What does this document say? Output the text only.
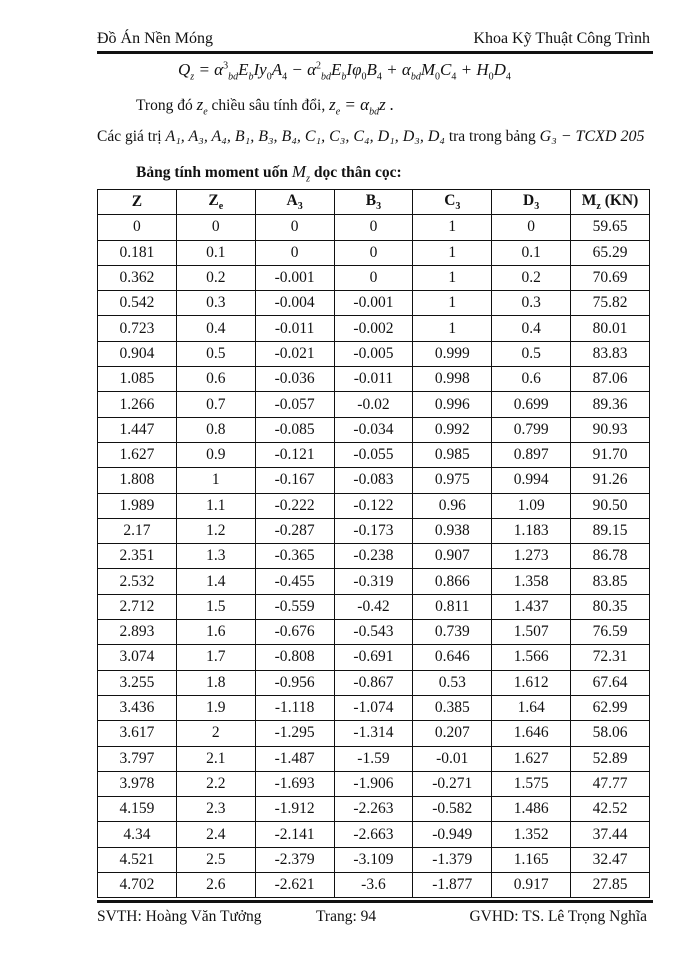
Đồ Án Nền Móng	Khoa Kỹ Thuật Công Trình
$Q_z = \alpha^3_{bd}E_bIy_0A_4 - \alpha^2_{bd}E_bI\varphi_0B_4 + \alpha_{bd}M_0C_4 + H_0D_4$
Trong đó $z_e$ chiều sâu tính đổi, $z_e = \alpha_{bd}z$ .
Các giá trị A₁, A₃, A₄, B₁, B₃, B₄, C₁, C₃, C₄, D₁, D₃, D₄ tra trong bảng G₃ − TCXD 205
Bảng tính moment uốn $M_z$ dọc thân cọc:
Z	$Z_e$	$A_3$	$B_3$	$C_3$	$D_3$	$M_z$ (KN)
0	0	0	0	1	0	59.65
0.181	0.1	0	0	1	0.1	65.29
0.362	0.2	-0.001	0	1	0.2	70.69
0.542	0.3	-0.004	-0.001	1	0.3	75.82
0.723	0.4	-0.011	-0.002	1	0.4	80.01
0.904	0.5	-0.021	-0.005	0.999	0.5	83.83
1.085	0.6	-0.036	-0.011	0.998	0.6	87.06
1.266	0.7	-0.057	-0.02	0.996	0.699	89.36
1.447	0.8	-0.085	-0.034	0.992	0.799	90.93
1.627	0.9	-0.121	-0.055	0.985	0.897	91.70
1.808	1	-0.167	-0.083	0.975	0.994	91.26
1.989	1.1	-0.222	-0.122	0.96	1.09	90.50
2.17	1.2	-0.287	-0.173	0.938	1.183	89.15
2.351	1.3	-0.365	-0.238	0.907	1.273	86.78
2.532	1.4	-0.455	-0.319	0.866	1.358	83.85
2.712	1.5	-0.559	-0.42	0.811	1.437	80.35
2.893	1.6	-0.676	-0.543	0.739	1.507	76.59
3.074	1.7	-0.808	-0.691	0.646	1.566	72.31
3.255	1.8	-0.956	-0.867	0.53	1.612	67.64
3.436	1.9	-1.118	-1.074	0.385	1.64	62.99
3.617	2	-1.295	-1.314	0.207	1.646	58.06
3.797	2.1	-1.487	-1.59	-0.01	1.627	52.89
3.978	2.2	-1.693	-1.906	-0.271	1.575	47.77
4.159	2.3	-1.912	-2.263	-0.582	1.486	42.52
4.34	2.4	-2.141	-2.663	-0.949	1.352	37.44
4.521	2.5	-2.379	-3.109	-1.379	1.165	32.47
4.702	2.6	-2.621	-3.6	-1.877	0.917	27.85
SVTH: Hoàng Văn Tưởng	Trang: 94	GVHD: TS. Lê Trọng Nghĩa
